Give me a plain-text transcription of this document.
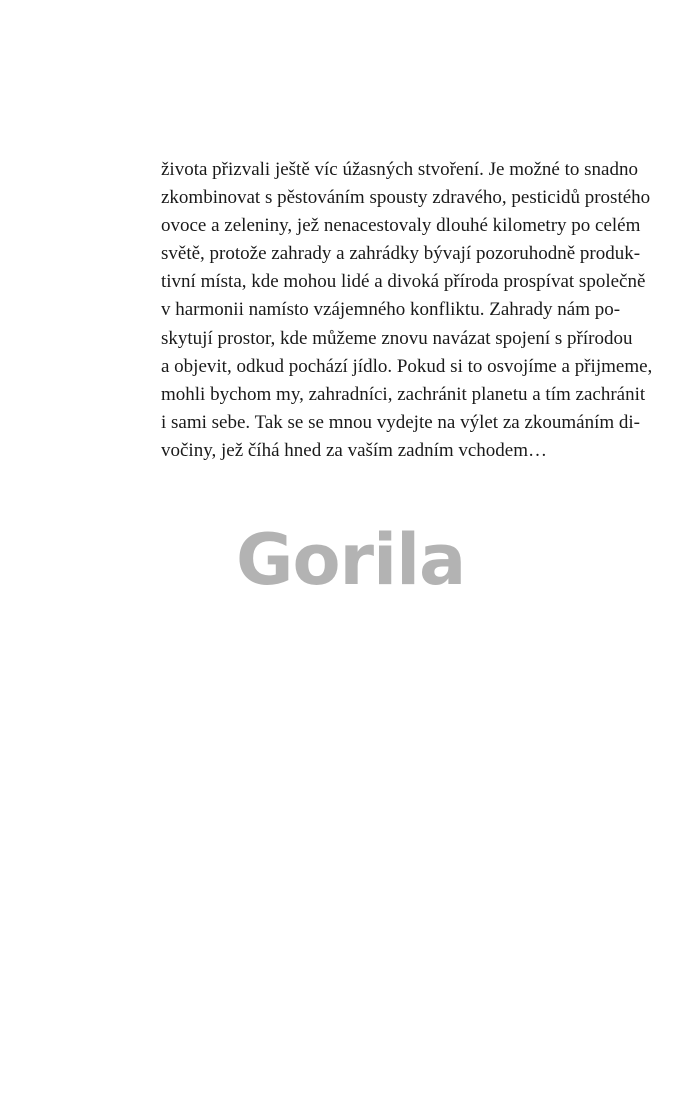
života přizvali ještě víc úžasných stvoření. Je možné to snadno
zkombinovat s pěstováním spousty zdravého, pesticidů prostého
ovoce a zeleniny, jež nenacestovaly dlouhé kilometry po celém
světě, protože zahrady a zahrádky bývají pozoruhodně produk-
tivní místa, kde mohou lidé a divoká příroda prospívat společně
v harmonii namísto vzájemného konfliktu. Zahrady nám po-
skytují prostor, kde můžeme znovu navázat spojení s přírodou
a objevit, odkud pochází jídlo. Pokud si to osvojíme a přijmeme,
mohli bychom my, zahradníci, zachránit planetu a tím zachránit
i sami sebe. Tak se se mnou vydejte na výlet za zkoumáním di-
vočiny, jež číhá hned za vaším zadním vchodem…
Gorila
